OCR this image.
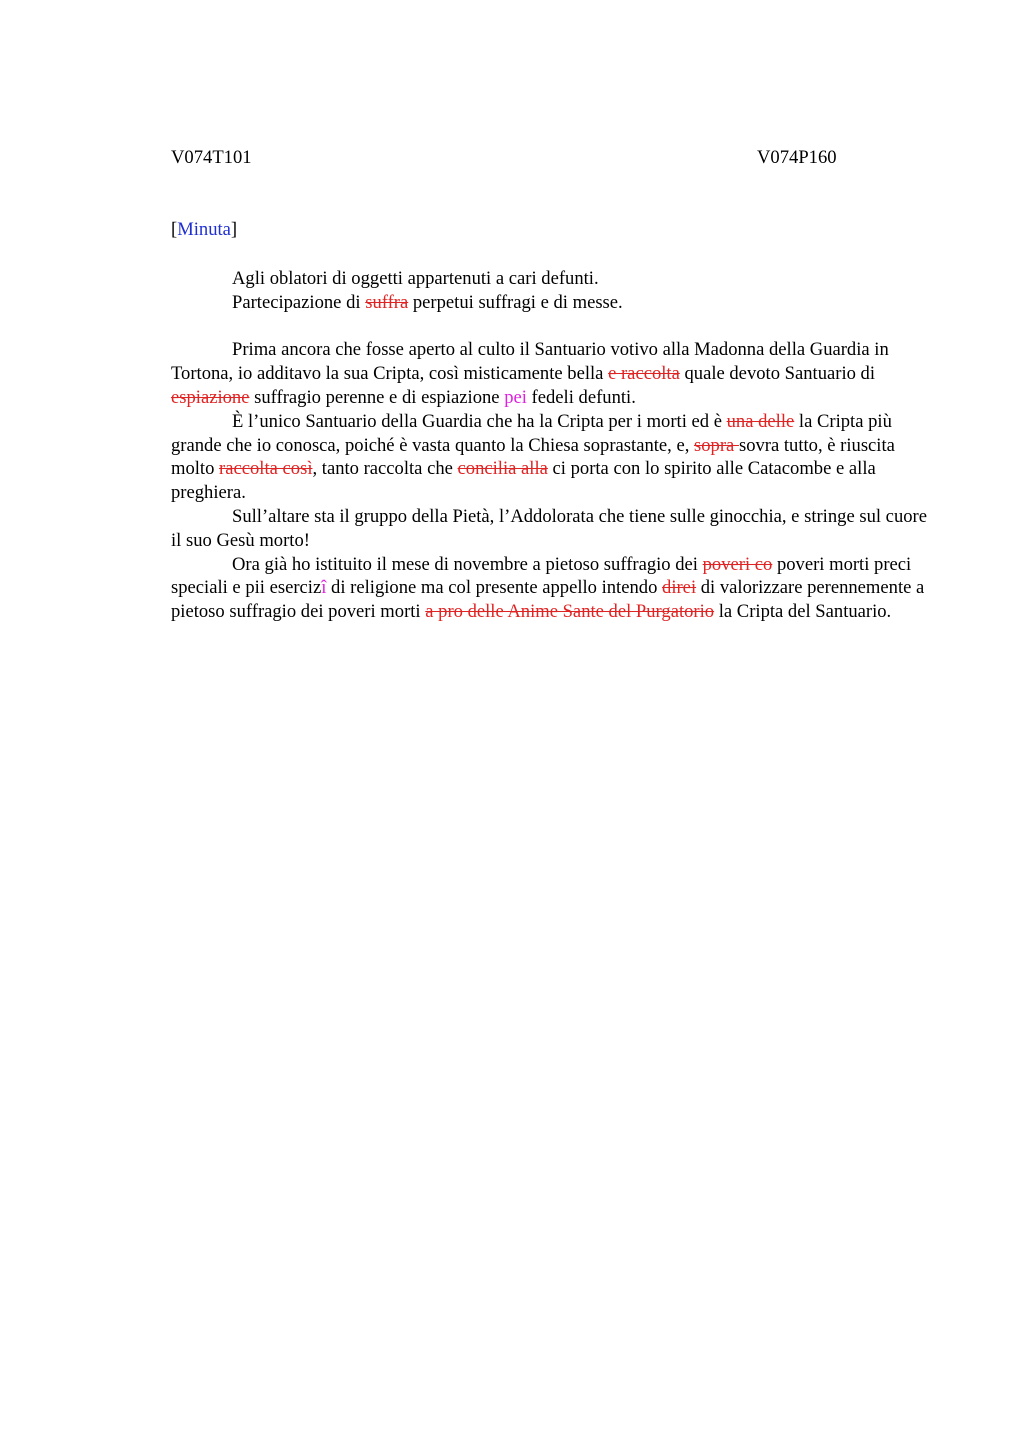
V074T101	V074P160
[Minuta]

Agli oblatori di oggetti appartenuti a cari defunti.

Partecipazione di suffra perpetui suffragi e di messe.

Prima ancora che fosse aperto al culto il Santuario votivo alla Madonna della Guardia in Tortona, io additavo la sua Cripta, così misticamente bella e raccolta quale devoto Santuario di espiazione suffragio perenne e di espiazione pei fedeli defunti.

È l’unico Santuario della Guardia che ha la Cripta per i morti ed è una delle la Cripta più grande che io conosca, poiché è vasta quanto la Chiesa soprastante, e, sopra sovra tutto, è riuscita molto raccolta così, tanto raccolta che concilia alla ci porta con lo spirito alle Catacombe e alla preghiera.

Sull’altare sta il gruppo della Pietà, l’Addolorata che tiene sulle ginocchia, e stringe sul cuore il suo Gesù morto!

Ora già ho istituito il mese di novembre a pietoso suffragio dei poveri co poveri morti preci speciali e pii esercizî di religione ma col presente appello intendo direi di valorizzare perennemente a pietoso suffragio dei poveri morti a pro delle Anime Sante del Purgatorio la Cripta del Santuario.
